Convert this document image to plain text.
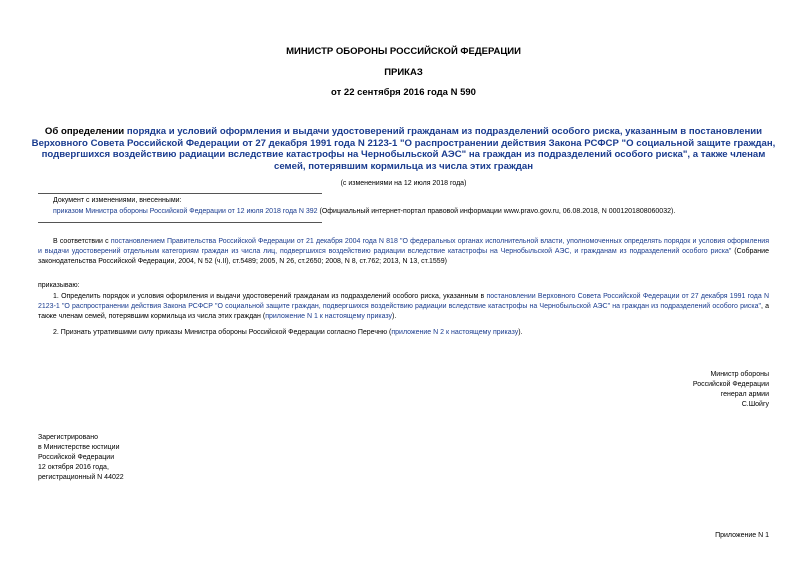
МИНИСТР ОБОРОНЫ РОССИЙСКОЙ ФЕДЕРАЦИИ
ПРИКАЗ
от 22 сентября 2016 года N 590
Об определении порядка и условий оформления и выдачи удостоверений гражданам из подразделений особого риска, указанным в постановлении Верховного Совета Российской Федерации от 27 декабря 1991 года N 2123-1 "О распространении действия Закона РСФСР "О социальной защите граждан, подвергшихся воздействию радиации вследствие катастрофы на Чернобыльской АЭС" на граждан из подразделений особого риска", а также членам семей, потерявшим кормильца из числа этих граждан
(с изменениями на 12 июля 2018 года)
Документ с изменениями, внесенными:
приказом Министра обороны Российской Федерации от 12 июля 2018 года N 392 (Официальный интернет-портал правовой информации www.pravo.gov.ru, 06.08.2018, N 0001201808060032).
В соответствии с постановлением Правительства Российской Федерации от 21 декабря 2004 года N 818 "О федеральных органах исполнительной власти, уполномоченных определять порядок и условия оформления и выдачи удостоверений отдельным категориям граждан из числа лиц, подвергшихся воздействию радиации вследствие катастрофы на Чернобыльской АЭС, и гражданам из подразделений особого риска" (Собрание законодательства Российской Федерации, 2004, N 52 (ч.II), ст.5489; 2005, N 26, ст.2650; 2008, N 8, ст.762; 2013, N 13, ст.1559)
приказываю:
1. Определить порядок и условия оформления и выдачи удостоверений гражданам из подразделений особого риска, указанным в постановлении Верховного Совета Российской Федерации от 27 декабря 1991 года N 2123-1 "О распространении действия Закона РСФСР "О социальной защите граждан, подвергшихся воздействию радиации вследствие катастрофы на Чернобыльской АЭС" на граждан из подразделений особого риска", а также членам семей, потерявшим кормильца из числа этих граждан (приложение N 1 к настоящему приказу).
2. Признать утратившими силу приказы Министра обороны Российской Федерации согласно Перечню (приложение N 2 к настоящему приказу).
Министр обороны
Российской Федерации
генерал армии
С.Шойгу
Зарегистрировано
в Министерстве юстиции
Российской Федерации
12 октября 2016 года,
регистрационный N 44022
Приложение N 1
